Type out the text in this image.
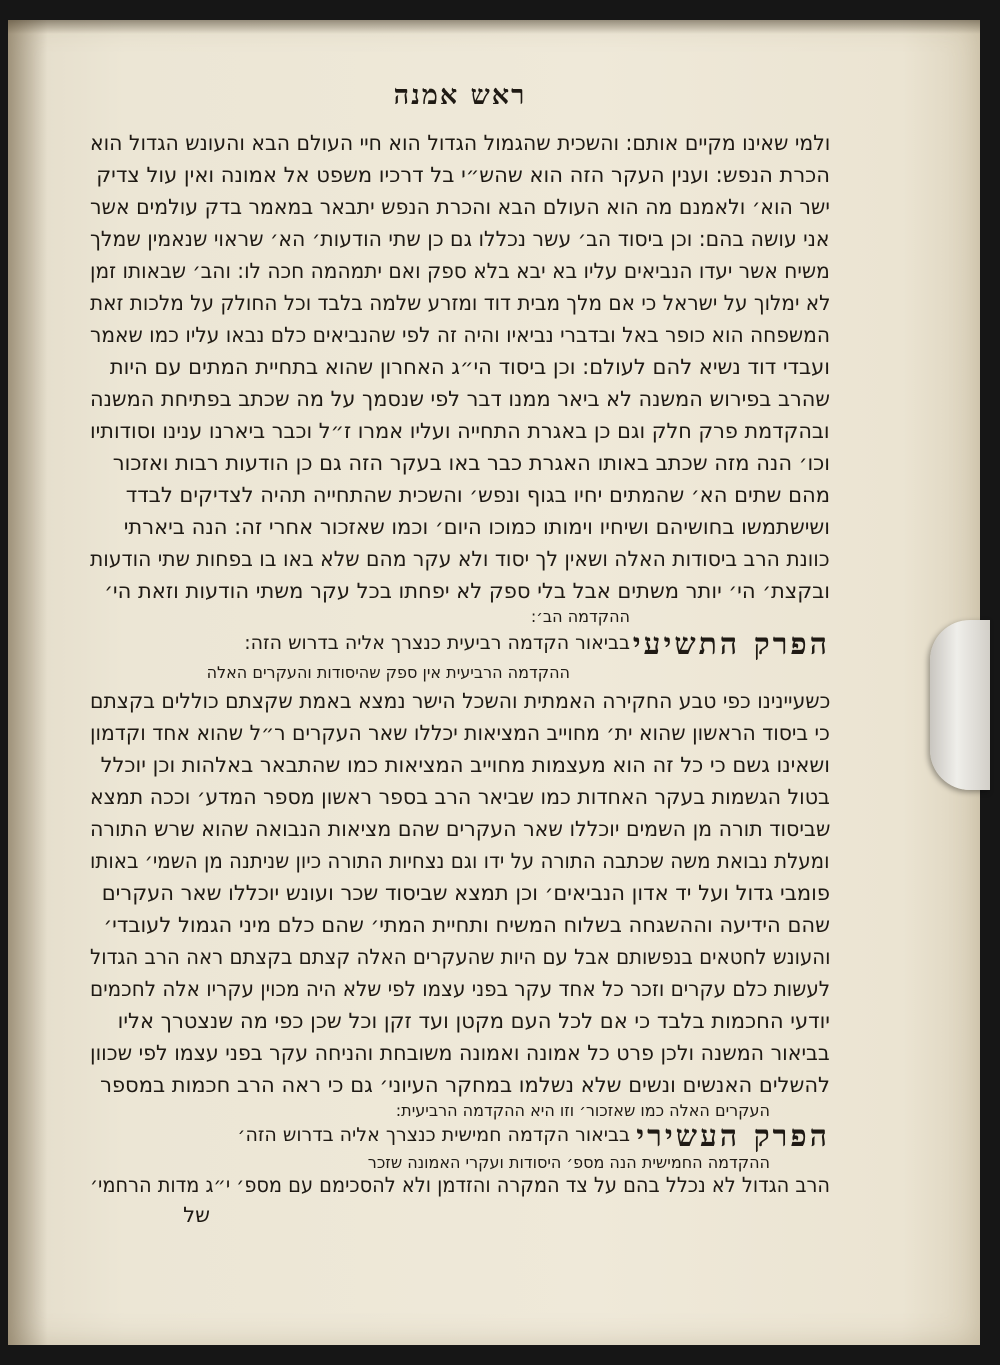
ראש אמנה
ולמי שאינו מקיים אותם: והשכית שהגמול הגדול הוא חיי העולם הבא והעונש הגדול הוא
הכרת הנפש: וענין העקר הזה הוא שהש״י בל דרכיו משפט אל אמונה ואין עול צדיק
ישר הוא׳ ולאמנם מה הוא העולם הבא והכרת הנפש יתבאר במאמר בדק עולמים אשר
אני עושה בהם: וכן ביסוד הב׳ עשר נכללו גם כן שתי הודעות׳ הא׳ שראוי שנאמין שמלך
משיח אשר יעדו הנביאים עליו בא יבא בלא ספק ואם יתמהמה חכה לו: והב׳ שבאותו זמן
לא ימלוך על ישראל כי אם מלך מבית דוד ומזרע שלמה בלבד וכל החולק על מלכות זאת
המשפחה הוא כופר באל ובדברי נביאיו והיה זה לפי שהנביאים כלם נבאו עליו כמו שאמר
ועבדי דוד נשיא להם לעולם: וכן ביסוד הי״ג האחרון שהוא בתחיית המתים עם היות
שהרב בפירוש המשנה לא ביאר ממנו דבר לפי שנסמך על מה שכתב בפתיחת המשנה
ובהקדמת פרק חלק וגם כן באגרת התחייה ועליו אמרו ז״ל וכבר ביארנו ענינו וסודותיו
וכו׳ הנה מזה שכתב באותו האגרת כבר באו בעקר הזה גם כן הודעות רבות ואזכור
מהם שתים הא׳ שהמתים יחיו בגוף ונפש׳ והשכית שהתחייה תהיה לצדיקים לבדד
ושישתמשו בחושיהם ושיחיו וימותו כמוכו היום׳ וכמו שאזכור אחרי זה: הנה ביארתי
כוונת הרב ביסודות האלה ושאין לך יסוד ולא עקר מהם שלא באו בו בפחות שתי הודעות
ובקצת׳ הי׳ יותר משתים אבל בלי ספק לא יפחתו בכל עקר משתי הודעות וזאת הי׳
ההקדמה הב׳:
הפרק התשיעי
בביאור הקדמה רביעית כנצרך אליה בדרוש הזה:
ההקדמה הרביעית אין ספק שהיסודות והעקרים האלה
כשעיינינו כפי טבע החקירה האמתית והשכל הישר נמצא באמת שקצתם כוללים בקצתם
כי ביסוד הראשון שהוא ית׳ מחוייב המציאות יכללו שאר העקרים ר״ל שהוא אחד וקדמון
ושאינו גשם כי כל זה הוא מעצמות מחוייב המציאות כמו שהתבאר באלהות וכן יוכלל
בטול הגשמות בעקר האחדות כמו שביאר הרב בספר ראשון מספר המדע׳ וככה תמצא
שביסוד תורה מן השמים יוכללו שאר העקרים שהם מציאות הנבואה שהוא שרש התורה
ומעלת נבואת משה שכתבה התורה על ידו וגם נצחיות התורה כיון שניתנה מן השמי׳ באותו
פומבי גדול ועל יד אדון הנביאים׳ וכן תמצא שביסוד שכר ועונש יוכללו שאר העקרים
שהם הידיעה וההשגחה בשלוח המשיח ותחיית המתי׳ שהם כלם מיני הגמול לעובדי׳
והעונש לחטאים בנפשותם אבל עם היות שהעקרים האלה קצתם בקצתם ראה הרב הגדול
לעשות כלם עקרים וזכר כל אחד עקר בפני עצמו לפי שלא היה מכוין עקריו אלה לחכמים
יודעי החכמות בלבד כי אם לכל העם מקטן ועד זקן וכל שכן כפי מה שנצטרך אליו
בביאור המשנה ולכן פרט כל אמונה ואמונה משובחת והניחה עקר בפני עצמו לפי שכוון
להשלים האנשים ונשים שלא נשלמו במחקר העיוני׳ גם כי ראה הרב חכמות במספר
העקרים האלה כמו שאזכור׳ וזו היא ההקדמה הרביעית:
הפרק העשירי
בביאור הקדמה חמישית כנצרך אליה בדרוש הזה׳
ההקדמה החמישית הנה מספ׳ היסודות ועקרי האמונה שזכר
הרב הגדול לא נכלל בהם על צד המקרה והזדמן ולא להסכימם עם מספ׳ י״ג מדות הרחמי׳
של
